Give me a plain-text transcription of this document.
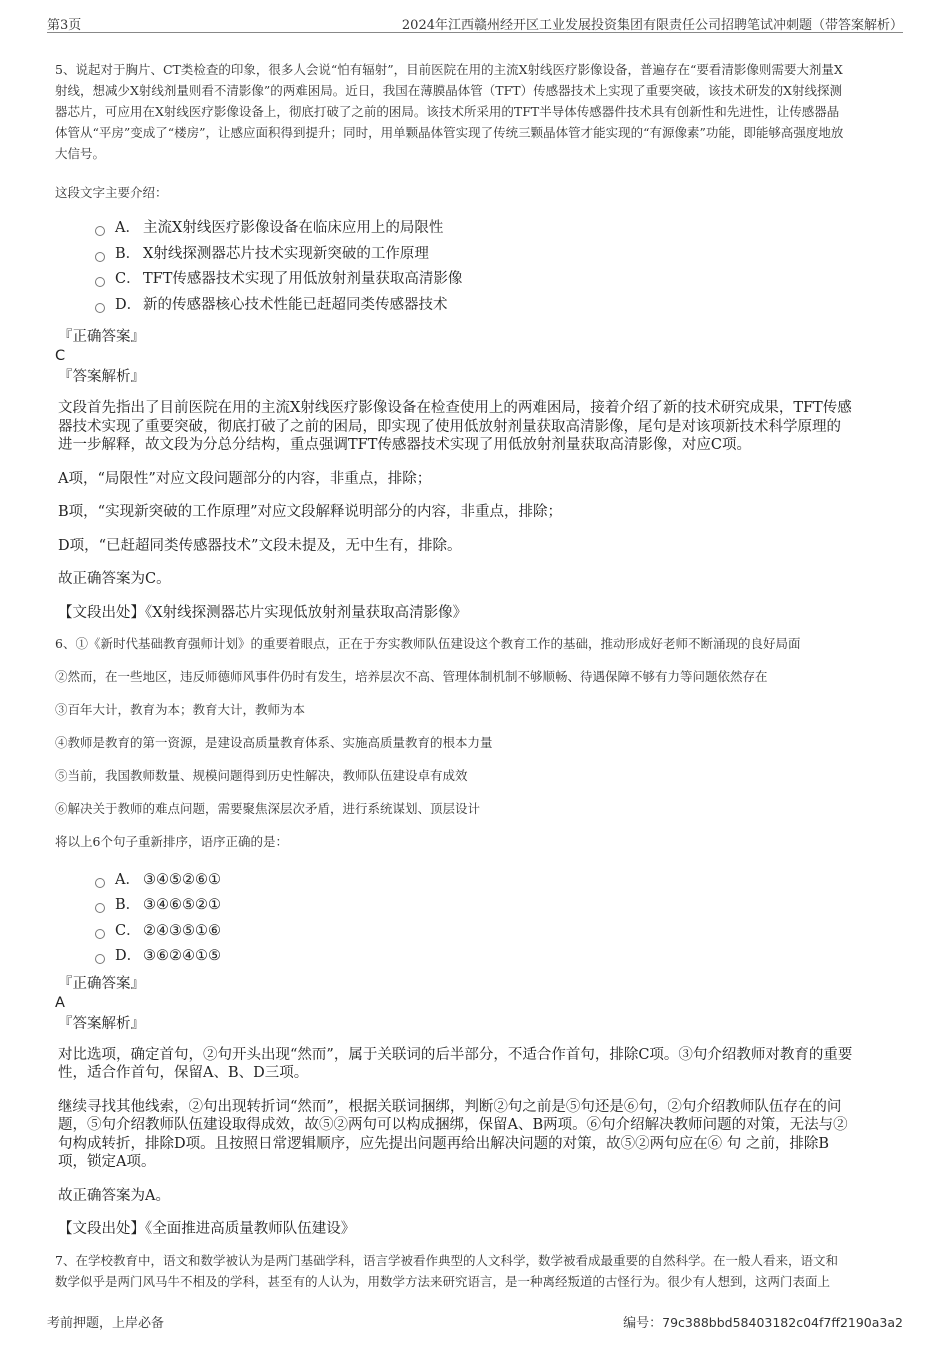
第3页	2024年江西赣州经开区工业发展投资集团有限责任公司招聘笔试冲刺题（带答案解析）
5、说起对于胸片、CT类检查的印象，很多人会说“怕有辐射”，目前医院在用的主流X射线医疗影像设备，普遍存在“要看清影像则需要大剂量X
射线，想减少X射线剂量则看不清影像”的两难困局。近日，我国在薄膜晶体管（TFT）传感器技术上实现了重要突破，该技术研发的X射线探测
器芯片，可应用在X射线医疗影像设备上，彻底打破了之前的困局。该技术所采用的TFT半导体传感器件技术具有创新性和先进性，让传感器晶
体管从“平房”变成了“楼房”，让感应面积得到提升；同时，用单颗晶体管实现了传统三颗晶体管才能实现的“有源像素”功能，即能够高强度地放
大信号。
这段文字主要介绍：
A． 主流X射线医疗影像设备在临床应用上的局限性
B． X射线探测器芯片技术实现新突破的工作原理
C． TFT传感器技术实现了用低放射剂量获取高清影像
D． 新的传感器核心技术性能已赶超同类传感器技术
『正确答案』
C
『答案解析』
文段首先指出了目前医院在用的主流X射线医疗影像设备在检查使用上的两难困局，接着介绍了新的技术研究成果，TFT传感
器技术实现了重要突破，彻底打破了之前的困局，即实现了使用低放射剂量获取高清影像，尾句是对该项新技术科学原理的
进一步解释，故文段为分总分结构，重点强调TFT传感器技术实现了用低放射剂量获取高清影像，对应C项。
A项，“局限性”对应文段问题部分的内容，非重点，排除；
B项，“实现新突破的工作原理”对应文段解释说明部分的内容，非重点，排除；
D项，“已赶超同类传感器技术”文段未提及，无中生有，排除。
故正确答案为C。
【文段出处】《X射线探测器芯片实现低放射剂量获取高清影像》
6、①《新时代基础教育强师计划》的重要着眼点，正在于夯实教师队伍建设这个教育工作的基础，推动形成好老师不断涌现的良好局面
②然而，在一些地区，违反师德师风事件仍时有发生，培养层次不高、管理体制机制不够顺畅、待遇保障不够有力等问题依然存在
③百年大计，教育为本；教育大计，教师为本
④教师是教育的第一资源，是建设高质量教育体系、实施高质量教育的根本力量
⑤当前，我国教师数量、规模问题得到历史性解决，教师队伍建设卓有成效
⑥解决关于教师的难点问题，需要聚焦深层次矛盾，进行系统谋划、顶层设计
将以上6个句子重新排序，语序正确的是：
A． ③④⑤②⑥①
B． ③④⑥⑤②①
C． ②④③⑤①⑥
D． ③⑥②④①⑤
『正确答案』
A
『答案解析』
对比选项，确定首句，②句开头出现“然而”，属于关联词的后半部分，不适合作首句，排除C项。③句介绍教师对教育的重要
性，适合作首句，保留A、B、D三项。
继续寻找其他线索，②句出现转折词“然而”，根据关联词捆绑，判断②句之前是⑤句还是⑥句，②句介绍教师队伍存在的问
题，⑤句介绍教师队伍建设取得成效，故⑤②两句可以构成捆绑，保留A、B两项。⑥句介绍解决教师问题的对策，无法与②
句构成转折，排除D项。且按照日常逻辑顺序，应先提出问题再给出解决问题的对策，故⑤②两句应在⑥ 句 之前，排除B
项，锁定A项。
故正确答案为A。
【文段出处】《全面推进高质量教师队伍建设》
7、在学校教育中，语文和数学被认为是两门基础学科，语言学被看作典型的人文科学，数学被看成最重要的自然科学。在一般人看来，语文和
数学似乎是两门风马牛不相及的学科，甚至有的人认为，用数学方法来研究语言，是一种离经叛道的古怪行为。很少有人想到，这两门表面上
考前押题，上岸必备	编号：79c388bbd58403182c04f7ff2190a3a2
